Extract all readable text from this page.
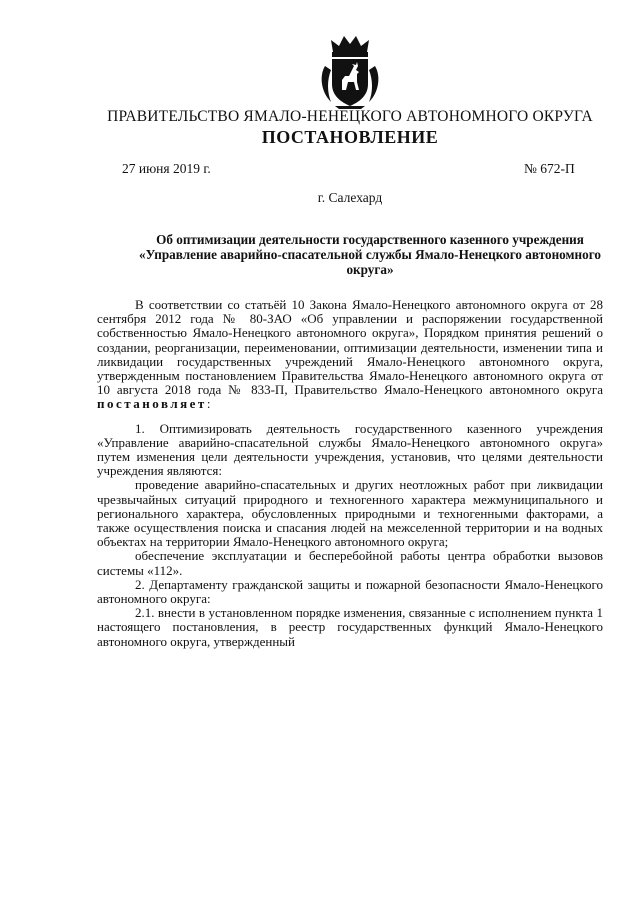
ПРАВИТЕЛЬСТВО ЯМАЛО-НЕНЕЦКОГО АВТОНОМНОГО ОКРУГА
ПОСТАНОВЛЕНИЕ
27 июня 2019 г.	№ 672-П
г. Салехард
Об оптимизации деятельности государственного казенного учреждения «Управление аварийно-спасательной службы Ямало-Ненецкого автономного округа»

В соответствии со статьёй 10 Закона Ямало-Ненецкого автономного округа от 28 сентября 2012 года № 80-ЗАО «Об управлении и распоряжении государственной собственностью Ямало-Ненецкого автономного округа», Порядком принятия решений о создании, реорганизации, переименовании, оптимизации деятельности, изменении типа и ликвидации государственных учреждений Ямало-Ненецкого автономного округа, утвержденным постановлением Правительства Ямало-Ненецкого автономного округа от 10 августа 2018 года № 833-П, Правительство Ямало-Ненецкого автономного округа постановляет:

1. Оптимизировать деятельность государственного казенного учреждения «Управление аварийно-спасательной службы Ямало-Ненецкого автономного округа» путем изменения цели деятельности учреждения, установив, что целями деятельности учреждения являются:

проведение аварийно-спасательных и других неотложных работ при ликвидации чрезвычайных ситуаций природного и техногенного характера межмуниципального и регионального характера, обусловленных природными и техногенными факторами, а также осуществления поиска и спасания людей на межселенной территории и на водных объектах на территории Ямало-Ненецкого автономного округа;

обеспечение эксплуатации и бесперебойной работы центра обработки вызовов системы «112».

2. Департаменту гражданской защиты и пожарной безопасности Ямало-Ненецкого автономного округа:

2.1. внести в установленном порядке изменения, связанные с исполнением пункта 1 настоящего постановления, в реестр государственных функций Ямало-Ненецкого автономного округа, утвержденный
